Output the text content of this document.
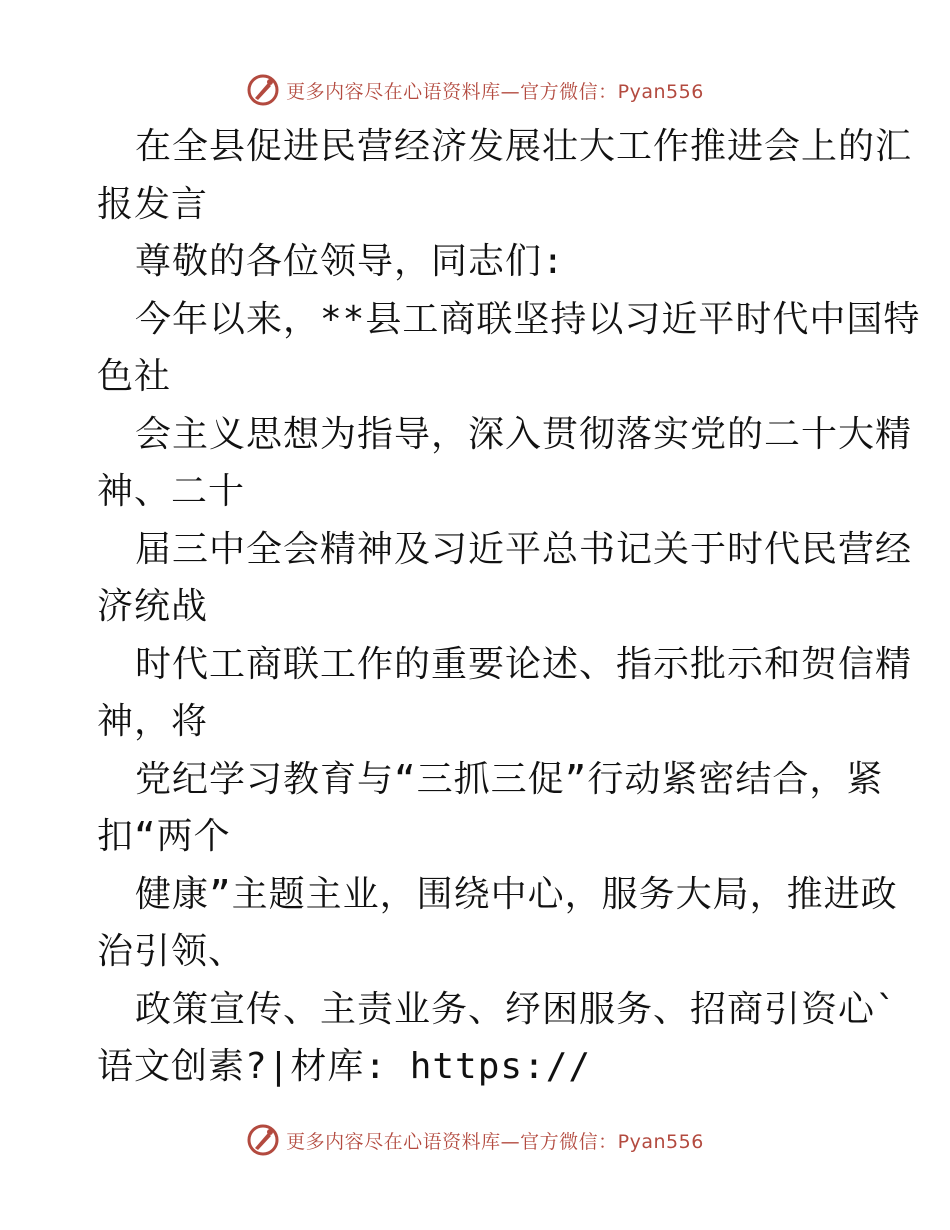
更多内容尽在心语资料库—官方微信：Pyan556
在全县促进民营经济发展壮大工作推进会上的汇
报发言
尊敬的各位领导，同志们:
今年以来，**县工商联坚持以习近平时代中国特
色社
会主义思想为指导，深入贯彻落实党的二十大精
神、二十
届三中全会精神及习近平总书记关于时代民营经
济统战
时代工商联工作的重要论述、指示批示和贺信精
神，将
党纪学习教育与“三抓三促”行动紧密结合，紧
扣“两个
健康”主题主业，围绕中心，服务大局，推进政
治引领、
政策宣传、主责业务、纾困服务、招商引资心`
语文创素?|材库: https://
更多内容尽在心语资料库—官方微信：Pyan556
